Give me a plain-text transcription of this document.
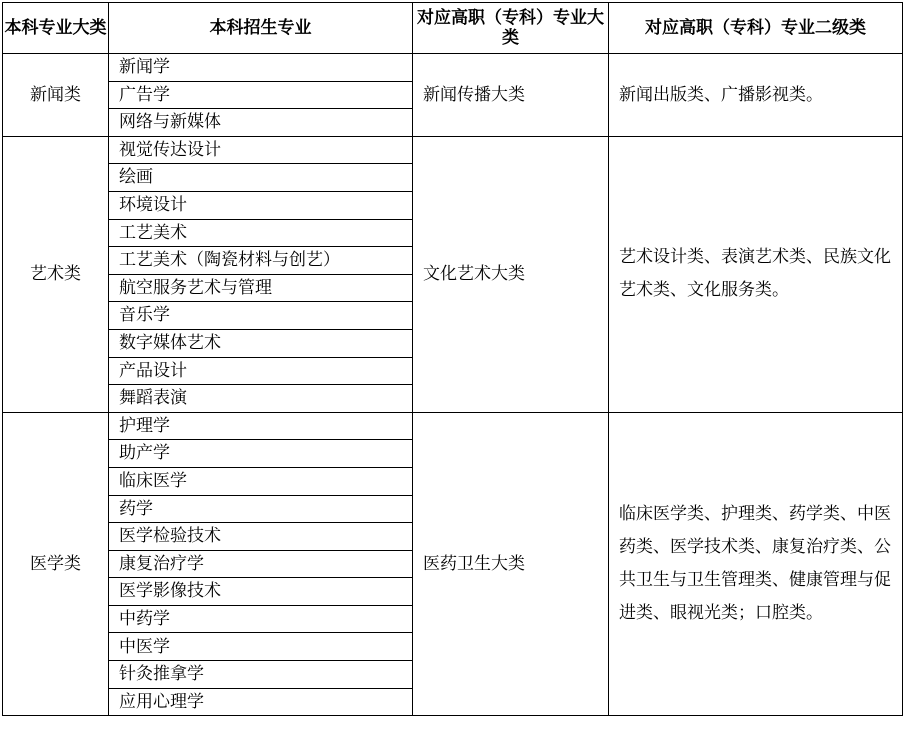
本科专业大类	本科招生专业	对应高职（专科）专业大类	对应高职（专科）专业二级类
新闻类	新闻学	新闻传播大类	新闻出版类、广播影视类。
	广告学		
	网络与新媒体		
艺术类	视觉传达设计	文化艺术大类	艺术设计类、表演艺术类、民族文化艺术类、文化服务类。
	绘画		
	环境设计		
	工艺美术		
	工艺美术（陶瓷材料与创艺）		
	航空服务艺术与管理		
	音乐学		
	数字媒体艺术		
	产品设计		
	舞蹈表演		
医学类	护理学	医药卫生大类	临床医学类、护理类、药学类、中医药类、医学技术类、康复治疗类、公共卫生与卫生管理类、健康管理与促进类、眼视光类；口腔类。
	助产学		
	临床医学		
	药学		
	医学检验技术		
	康复治疗学		
	医学影像技术		
	中药学		
	中医学		
	针灸推拿学		
	应用心理学		
